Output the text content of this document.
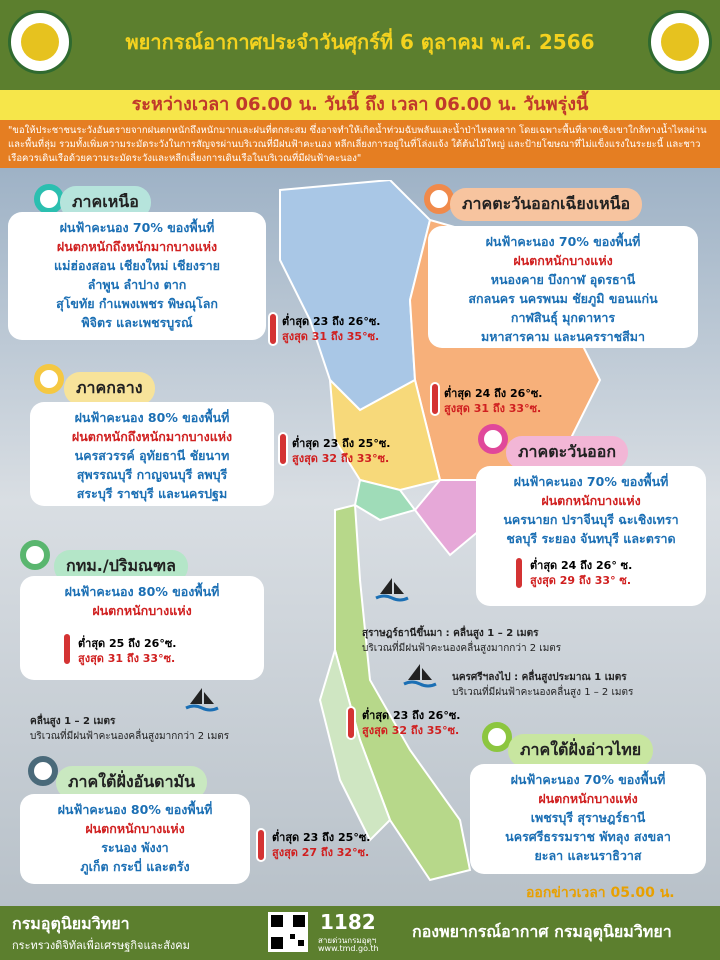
พยากรณ์อากาศประจำวันศุกร์ที่ 6 ตุลาคม พ.ศ. 2566
ระหว่างเวลา 06.00 น. วันนี้ ถึง เวลา 06.00 น. วันพรุ่งนี้
"ขอให้ประชาชนระวังอันตรายจากฝนตกหนักถึงหนักมากและฝนที่ตกสะสม ซึ่งอาจทำให้เกิดน้ำท่วมฉับพลันและน้ำป่าไหลหลาก โดยเฉพาะพื้นที่ลาดเชิงเขาใกล้ทางน้ำไหลผ่านและพื้นที่ลุ่ม รวมทั้งเพิ่มความระมัดระวังในการสัญจรผ่านบริเวณที่มีฝนฟ้าคะนอง หลีกเลี่ยงการอยู่ในที่โล่งแจ้ง ใต้ต้นไม้ใหญ่ และป้ายโฆษณาที่ไม่แข็งแรงในระยะนี้ และชาวเรือควรเดินเรือด้วยความระมัดระวังและหลีกเลี่ยงการเดินเรือในบริเวณที่มีฝนฟ้าคะนอง"
ภาคเหนือ
ฝนฟ้าคะนอง 70% ของพื้นที่
ฝนตกหนักถึงหนักมากบางแห่ง
แม่ฮ่องสอน เชียงใหม่ เชียงราย
ลำพูน ลำปาง ตาก
สุโขทัย กำแพงเพชร พิษณุโลก
พิจิตร และเพชรบูรณ์	ต่ำสุด 23 ถึง 26°ซ.
สูงสุด 31 ถึง 35°ซ.
ภาคตะวันออกเฉียงเหนือ
ฝนฟ้าคะนอง 70% ของพื้นที่
ฝนตกหนักบางแห่ง
หนองคาย บึงกาฬ อุดรธานี
สกลนคร นครพนม ชัยภูมิ ขอนแก่น
กาฬสินธุ์ มุกดาหาร
มหาสารคาม และนครราชสีมา
ต่ำสุด 24 ถึง 26°ซ.
สูงสุด 31 ถึง 33°ซ.
ภาคกลาง
ฝนฟ้าคะนอง 80% ของพื้นที่
ฝนตกหนักถึงหนักมากบางแห่ง
นครสวรรค์ อุทัยธานี ชัยนาท
สุพรรณบุรี กาญจนบุรี ลพบุรี
สระบุรี ราชบุรี และนครปฐม
ต่ำสุด 23 ถึง 25°ซ.
สูงสุด 32 ถึง 33°ซ.	ภาคตะวันออก
ฝนฟ้าคะนอง 70% ของพื้นที่
ฝนตกหนักบางแห่ง
นครนายก ปราจีนบุรี ฉะเชิงเทรา
ชลบุรี ระยอง จันทบุรี และตราด
ต่ำสุด 24 ถึง 26° ซ.
สูงสุด 29 ถึง 33° ซ.
กทม./ปริมณฑล
ฝนฟ้าคะนอง 80% ของพื้นที่
ฝนตกหนักบางแห่ง
ต่ำสุด 25 ถึง 26°ซ.
สูงสุด 31 ถึง 33°ซ.
สุราษฎร์ธานีขึ้นมา : คลื่นสูง 1 – 2 เมตร
บริเวณที่มีฝนฟ้าคะนองคลื่นสูงมากกว่า 2 เมตร
นครศรีฯลงไป : คลื่นสูงประมาณ 1 เมตร
บริเวณที่มีฝนฟ้าคะนองคลื่นสูง 1 – 2 เมตร
คลื่นสูง 1 – 2 เมตร
บริเวณที่มีฝนฟ้าคะนองคลื่นสูงมากกว่า 2 เมตร
ต่ำสุด 23 ถึง 26°ซ.
สูงสุด 32 ถึง 35°ซ.
ภาคใต้ฝั่งอ่าวไทย
ฝนฟ้าคะนอง 70% ของพื้นที่
ฝนตกหนักบางแห่ง
เพชรบุรี สุราษฎร์ธานี
นครศรีธรรมราช พัทลุง สงขลา
ยะลา และนราธิวาส
ภาคใต้ฝั่งอันดามัน
ฝนฟ้าคะนอง 80% ของพื้นที่
ฝนตกหนักบางแห่ง
ระนอง พังงา
ภูเก็ต กระบี่ และตรัง
ต่ำสุด 23 ถึง 25°ซ.
สูงสุด 27 ถึง 32°ซ.
ออกข่าวเวลา 05.00 น.
กรมอุตุนิยมวิทยา
กระทรวงดิจิทัลเพื่อเศรษฐกิจและสังคม
1182
สายด่วนกรมอุตุฯ
www.tmd.go.th
กองพยากรณ์อากาศ กรมอุตุนิยมวิทยา
